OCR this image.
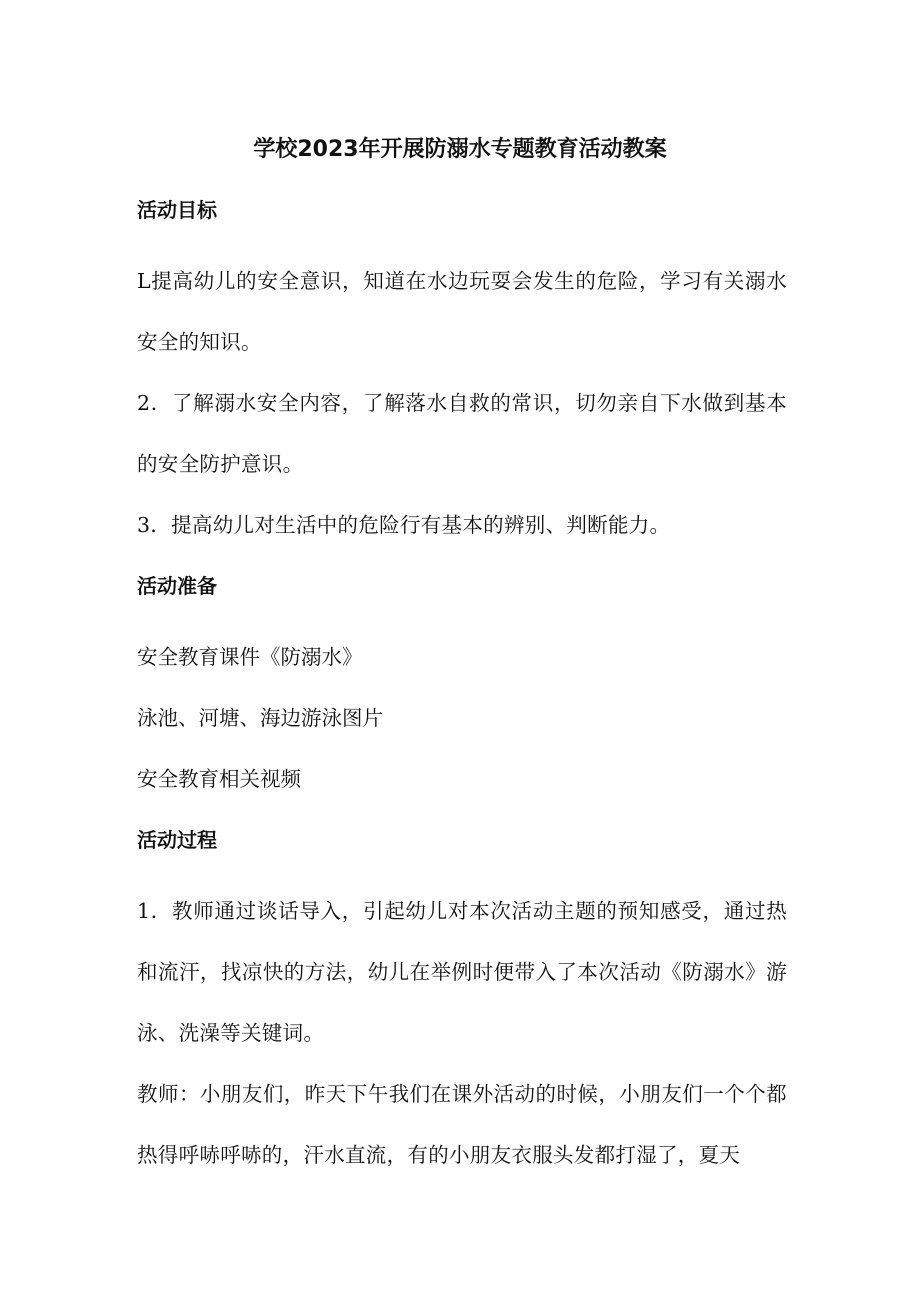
学校2023年开展防溺水专题教育活动教案
活动目标

L提高幼儿的安全意识，知道在水边玩耍会发生的危险，学习有关溺水安全的知识。

2．了解溺水安全内容，了解落水自救的常识，切勿亲自下水做到基本的安全防护意识。

3．提高幼儿对生活中的危险行有基本的辨别、判断能力。

活动准备

安全教育课件《防溺水》

泳池、河塘、海边游泳图片

安全教育相关视频

活动过程

1．教师通过谈话导入，引起幼儿对本次活动主题的预知感受，通过热和流汗，找凉快的方法，幼儿在举例时便带入了本次活动《防溺水》游泳、洗澡等关键词。

教师：小朋友们，昨天下午我们在课外活动的时候，小朋友们一个个都热得呼哧呼哧的，汗水直流，有的小朋友衣服头发都打湿了，夏天
